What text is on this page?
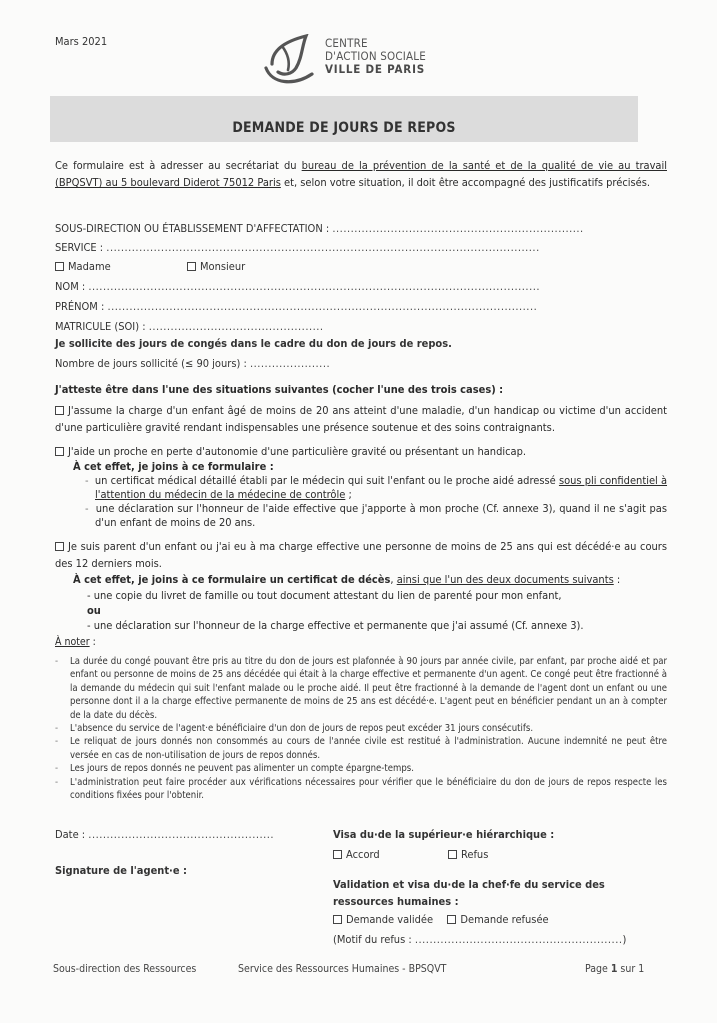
Mars 2021	CENTRE
D'ACTION SOCIALE
VILLE DE PARIS
DEMANDE DE JOURS DE REPOS
Ce formulaire est à adresser au secrétariat du bureau de la prévention de la santé et de la qualité de vie au travail (BPQSVT) au 5 boulevard Diderot 75012 Paris et, selon votre situation, il doit être accompagné des justificatifs précisés.
SOUS-DIRECTION OU ÉTABLISSEMENT D'AFFECTATION : .....................................................................
SERVICE : .......................................................................................................................
Madame	Monsieur
NOM : ............................................................................................................................
PRÉNOM : ......................................................................................................................
MATRICULE (SOI) : ................................................
Je sollicite des jours de congés dans le cadre du don de jours de repos.
Nombre de jours sollicité (≤ 90 jours) : ......................
J'atteste être dans l'une des situations suivantes (cocher l'une des trois cases) :
J'assume la charge d'un enfant âgé de moins de 20 ans atteint d'une maladie, d'un handicap ou victime d'un accident d'une particulière gravité rendant indispensables une présence soutenue et des soins contraignants.
J'aide un proche en perte d'autonomie d'une particulière gravité ou présentant un handicap.
À cet effet, je joins à ce formulaire :
-  un certificat médical détaillé établi par le médecin qui suit l'enfant ou le proche aidé adressé sous pli confidentiel à l'attention du médecin de la médecine de contrôle ;
-  une déclaration sur l'honneur de l'aide effective que j'apporte à mon proche (Cf. annexe 3), quand il ne s'agit pas d'un enfant de moins de 20 ans.
Je suis parent d'un enfant ou j'ai eu à ma charge effective une personne de moins de 25 ans qui est décédé·e au cours des 12 derniers mois.
À cet effet, je joins à ce formulaire un certificat de décès, ainsi que l'un des deux documents suivants :
- une copie du livret de famille ou tout document attestant du lien de parenté pour mon enfant,
ou
- une déclaration sur l'honneur de la charge effective et permanente que j'ai assumé (Cf. annexe 3).
À noter :
- La durée du congé pouvant être pris au titre du don de jours est plafonnée à 90 jours par année civile, par enfant, par proche aidé et par enfant ou personne de moins de 25 ans décédée qui était à la charge effective et permanente d'un agent. Ce congé peut être fractionné à la demande du médecin qui suit l'enfant malade ou le proche aidé. Il peut être fractionné à la demande de l'agent dont un enfant ou une personne dont il a la charge effective permanente de moins de 25 ans est décédé·e. L'agent peut en bénéficier pendant un an à compter de la date du décès.
- L'absence du service de l'agent·e bénéficiaire d'un don de jours de repos peut excéder 31 jours consécutifs.
- Le reliquat de jours donnés non consommés au cours de l'année civile est restitué à l'administration. Aucune indemnité ne peut être versée en cas de non-utilisation de jours de repos donnés.
- Les jours de repos donnés ne peuvent pas alimenter un compte épargne-temps.
- L'administration peut faire procéder aux vérifications nécessaires pour vérifier que le bénéficiaire du don de jours de repos respecte les conditions fixées pour l'obtenir.
Date : ...................................................
Signature de l'agent·e :
Visa du·de la supérieur·e hiérarchique :
Accord	Refus
Validation et visa du·de la chef·fe du service des ressources humaines :
Demande validée Demande refusée
(Motif du refus : .........................................................)
Sous-direction des Ressources	Service des Ressources Humaines - BPSQVT	Page 1 sur 1
